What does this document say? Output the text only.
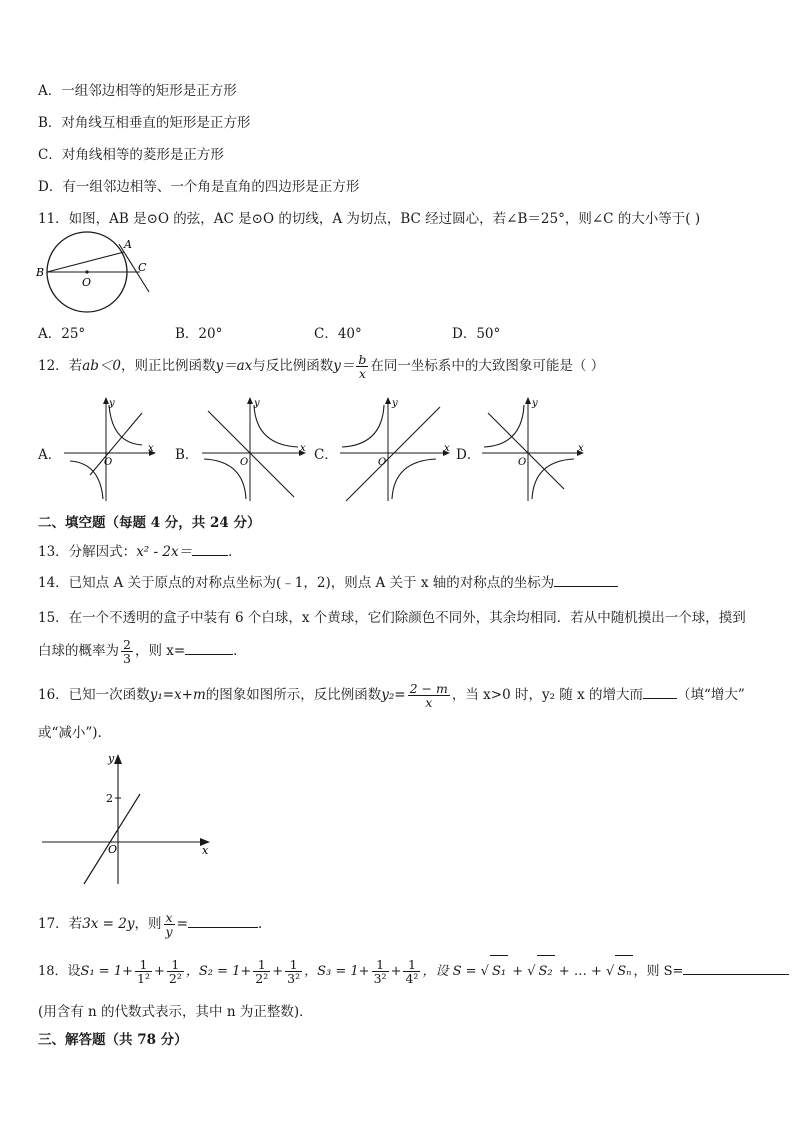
A．一组邻边相等的矩形是正方形
B．对角线互相垂直的矩形是正方形
C．对角线相等的菱形是正方形
D．有一组邻边相等、一个角是直角的四边形是正方形
11．如图，AB 是⊙O 的弦，AC 是⊙O 的切线，A 为切点，BC 经过圆心，若∠B＝25°，则∠C 的大小等于( )
A
B	C
O
A．25°	B．20°	C．40°	D．50°
12．若ab＜0，则正比例函数y＝ax与反比例函数$y= \frac{b}{x}$ 在同一坐标系中的大致图象可能是（ ）
A．
y
x
O	B．
y
x
O	C．
y
x
O	D．
y
x
O
二、填空题（每题 4 分，共 24 分）
13．分解因式：x² - 2x＝	．
14．已知点 A 关于原点的对称点坐标为(﹣1，2)，则点 A 关于 x 轴的对称点的坐标为
15．在一个不透明的盒子中装有 6 个白球，x 个黄球，它们除颜色不同外，其余均相同．若从中随机摸出一个球，摸到
白球的概率为 $\frac{2}{3}$ ，则 x=	．
16．已知一次函数y₁=x+m的图象如图所示，反比例函数$y_2= \frac{2 - m}{x}$ ，当 x>0 时，y₂ 随 x 的增大而	（填“增大”
或“减小”)．
y
2
O	x
17．若3x = 2y，则 $\frac{x}{y}$ =	.
18．设$S_1 = 1+ \frac{1}{\text{1²}} + \frac{1}{\text{2²}}$ ，$S_2 = 1+ \frac{1}{\text{2²}} + \frac{1}{\text{3²}}$ ，$S_3 = 1+ \frac{1}{\text{3²}} + \frac{1}{\text{4²}}$ ，设 S = √ S₁ + √ S₂ + … + √ Sₙ ，则 S=
(用含有 n 的代数式表示，其中 n 为正整数)．
三、解答题（共 78 分）
